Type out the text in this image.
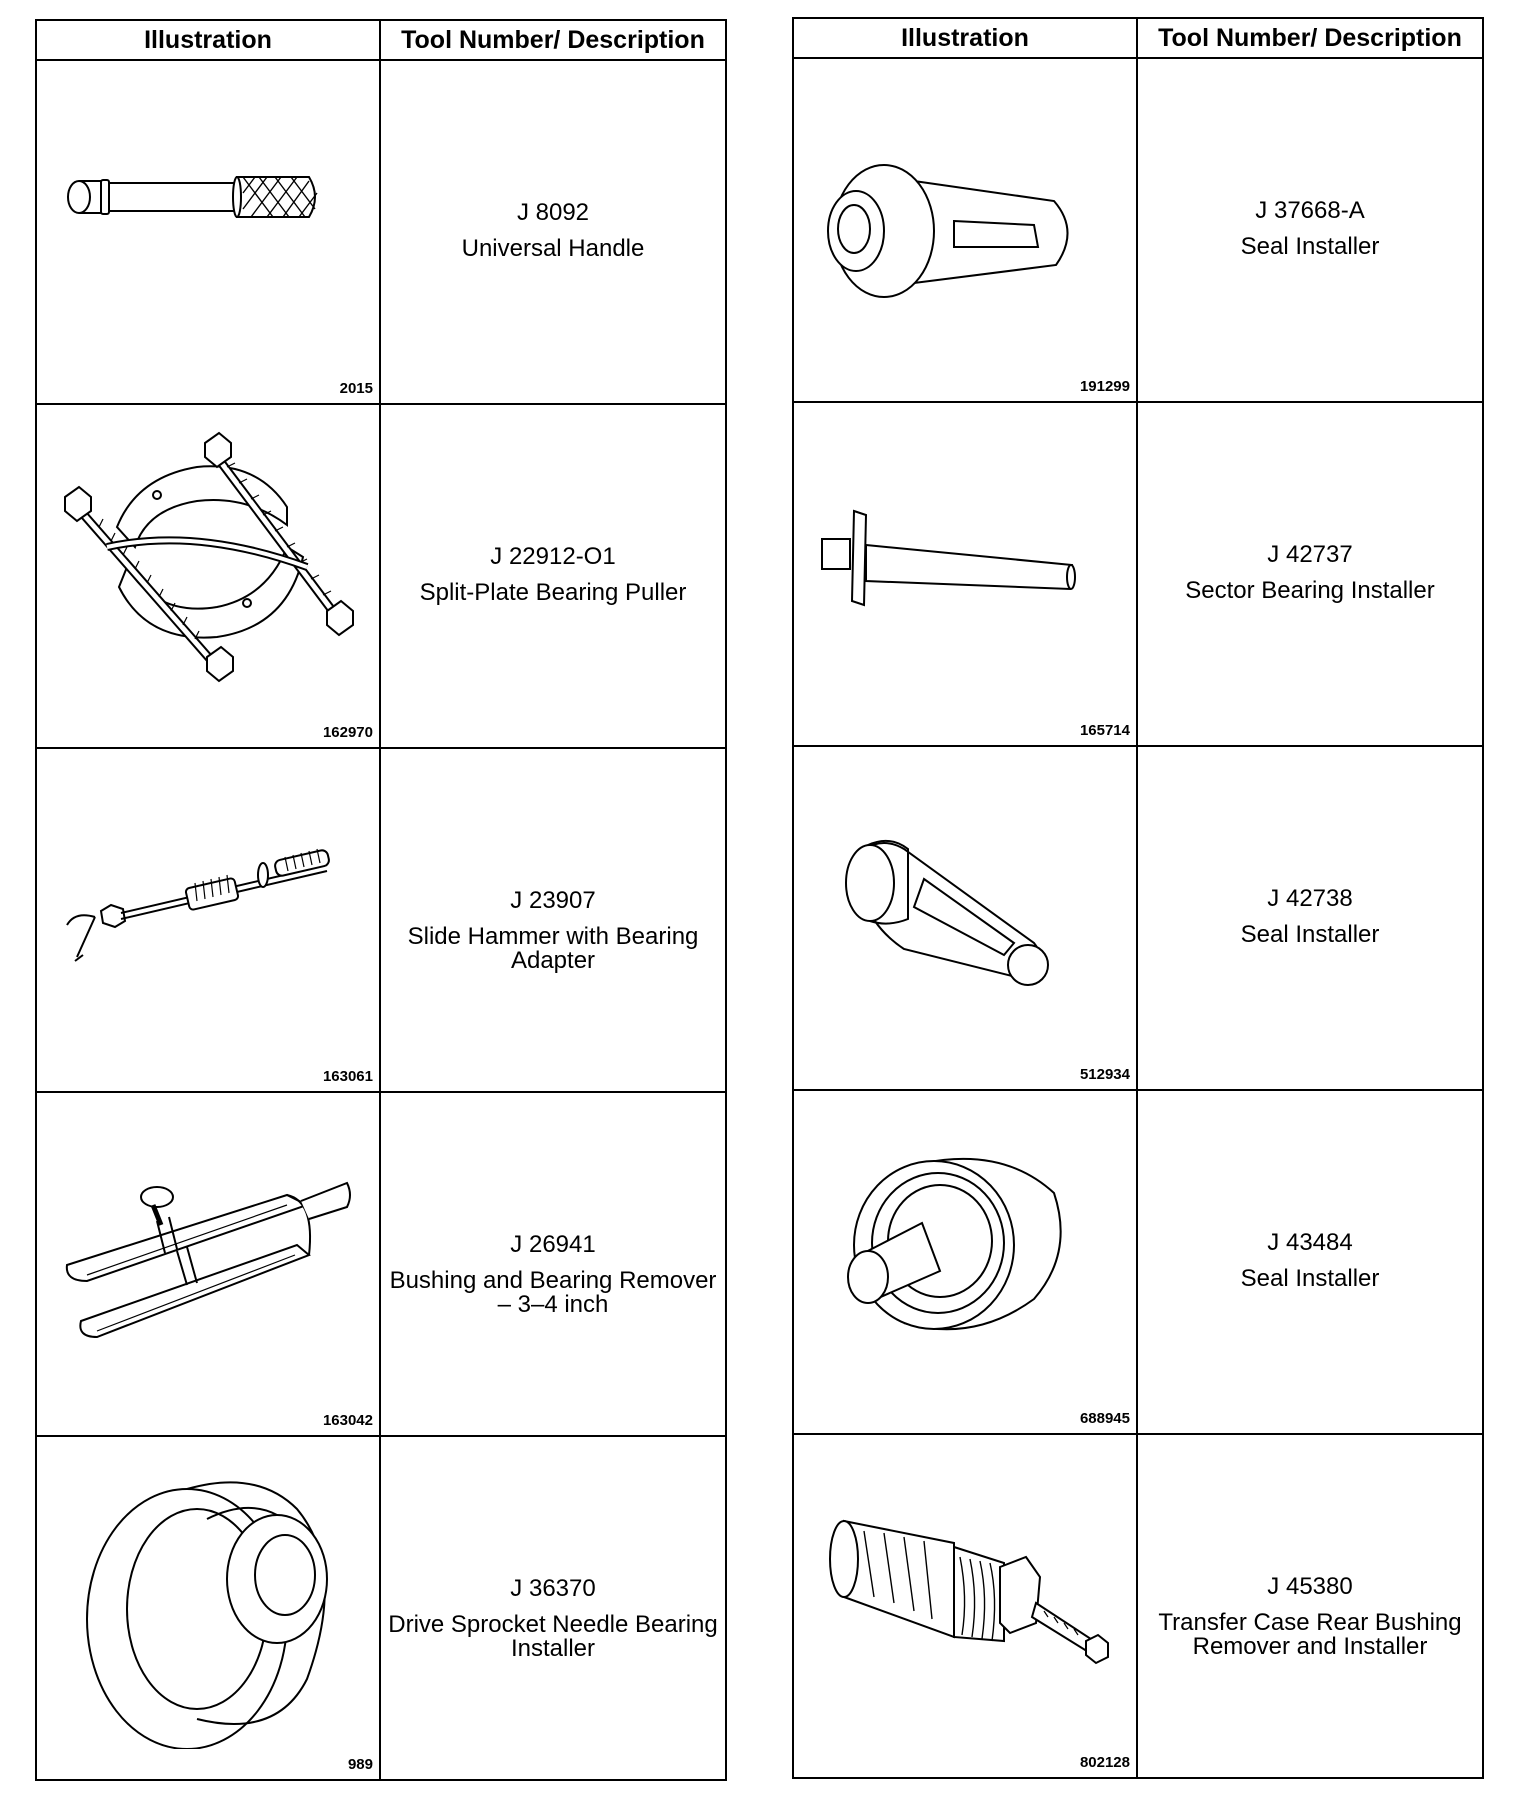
Illustration	Tool Number/ Description

2015	J 8092
Universal Handle

162970	J 22912-O1
Split-Plate Bearing Puller

163061	J 23907
Slide Hammer with Bearing Adapter

163042	J 26941
Bushing and Bearing Remover – 3–4 inch

989	J 36370
Drive Sprocket Needle Bearing Installer
Illustration	Tool Number/ Description

191299	J 37668-A
Seal Installer

165714	J 42737
Sector Bearing Installer

512934	J 42738
Seal Installer

688945	J 43484
Seal Installer

802128	J 45380
Transfer Case Rear Bushing Remover and Installer
